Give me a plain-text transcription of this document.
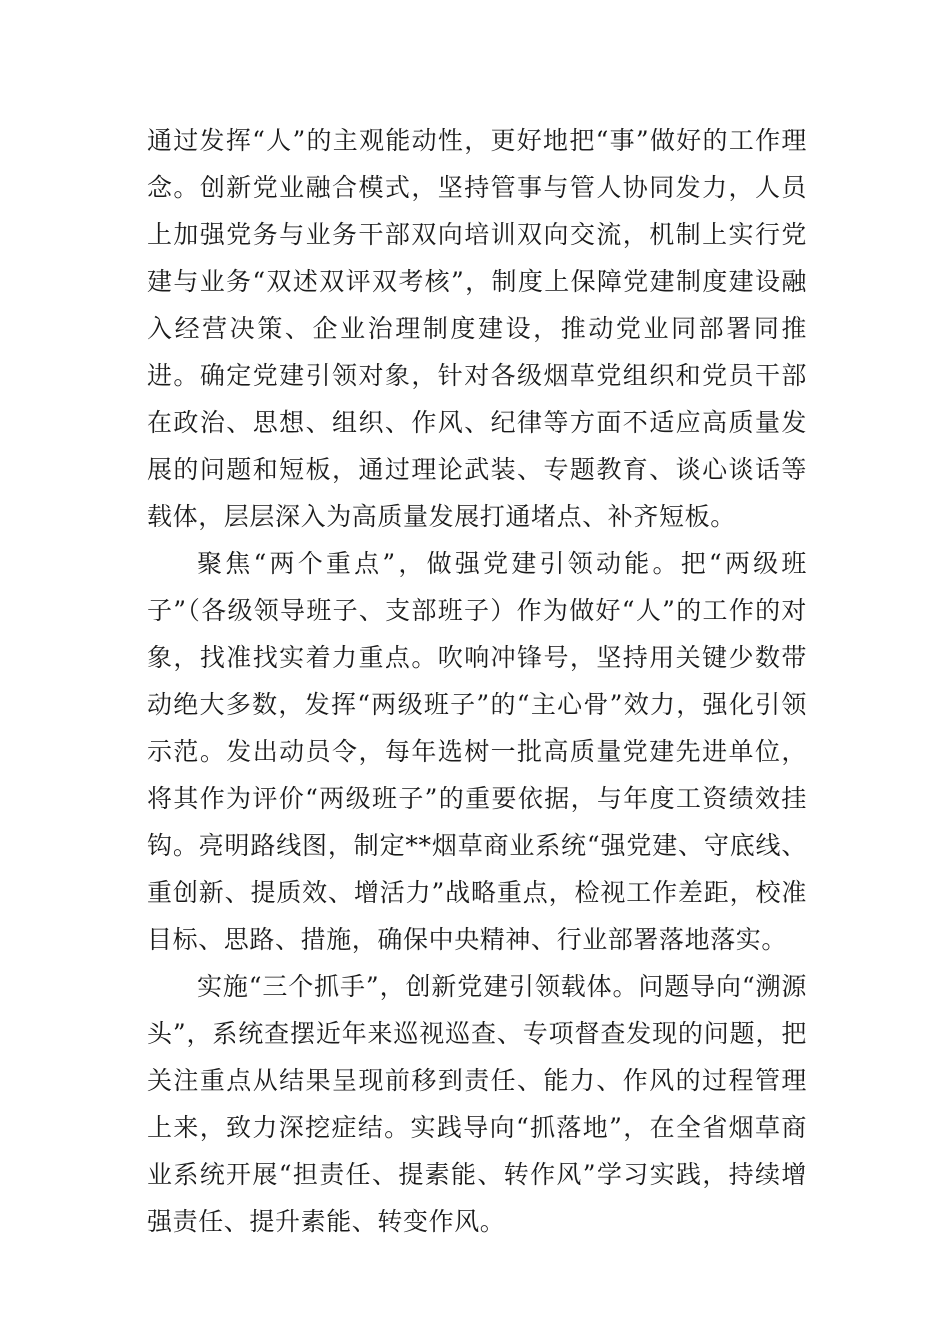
通过发挥“人”的主观能动性，更好地把“事”做好的工作理念。创新党业融合模式，坚持管事与管人协同发力，人员上加强党务与业务干部双向培训双向交流，机制上实行党建与业务“双述双评双考核”，制度上保障党建制度建设融入经营决策、企业治理制度建设，推动党业同部署同推进。确定党建引领对象，针对各级烟草党组织和党员干部在政治、思想、组织、作风、纪律等方面不适应高质量发展的问题和短板，通过理论武装、专题教育、谈心谈话等载体，层层深入为高质量发展打通堵点、补齐短板。

聚焦“两个重点”，做强党建引领动能。把“两级班子”（各级领导班子、支部班子）作为做好“人”的工作的对象，找准找实着力重点。吹响冲锋号，坚持用关键少数带动绝大多数，发挥“两级班子”的“主心骨”效力，强化引领示范。发出动员令，每年选树一批高质量党建先进单位，将其作为评价“两级班子”的重要依据，与年度工资绩效挂钩。亮明路线图，制定**烟草商业系统“强党建、守底线、重创新、提质效、增活力”战略重点，检视工作差距，校准目标、思路、措施，确保中央精神、行业部署落地落实。

实施“三个抓手”，创新党建引领载体。问题导向“溯源头”，系统查摆近年来巡视巡查、专项督查发现的问题，把关注重点从结果呈现前移到责任、能力、作风的过程管理上来，致力深挖症结。实践导向“抓落地”，在全省烟草商业系统开展“担责任、提素能、转作风”学习实践，持续增强责任、提升素能、转变作风。
